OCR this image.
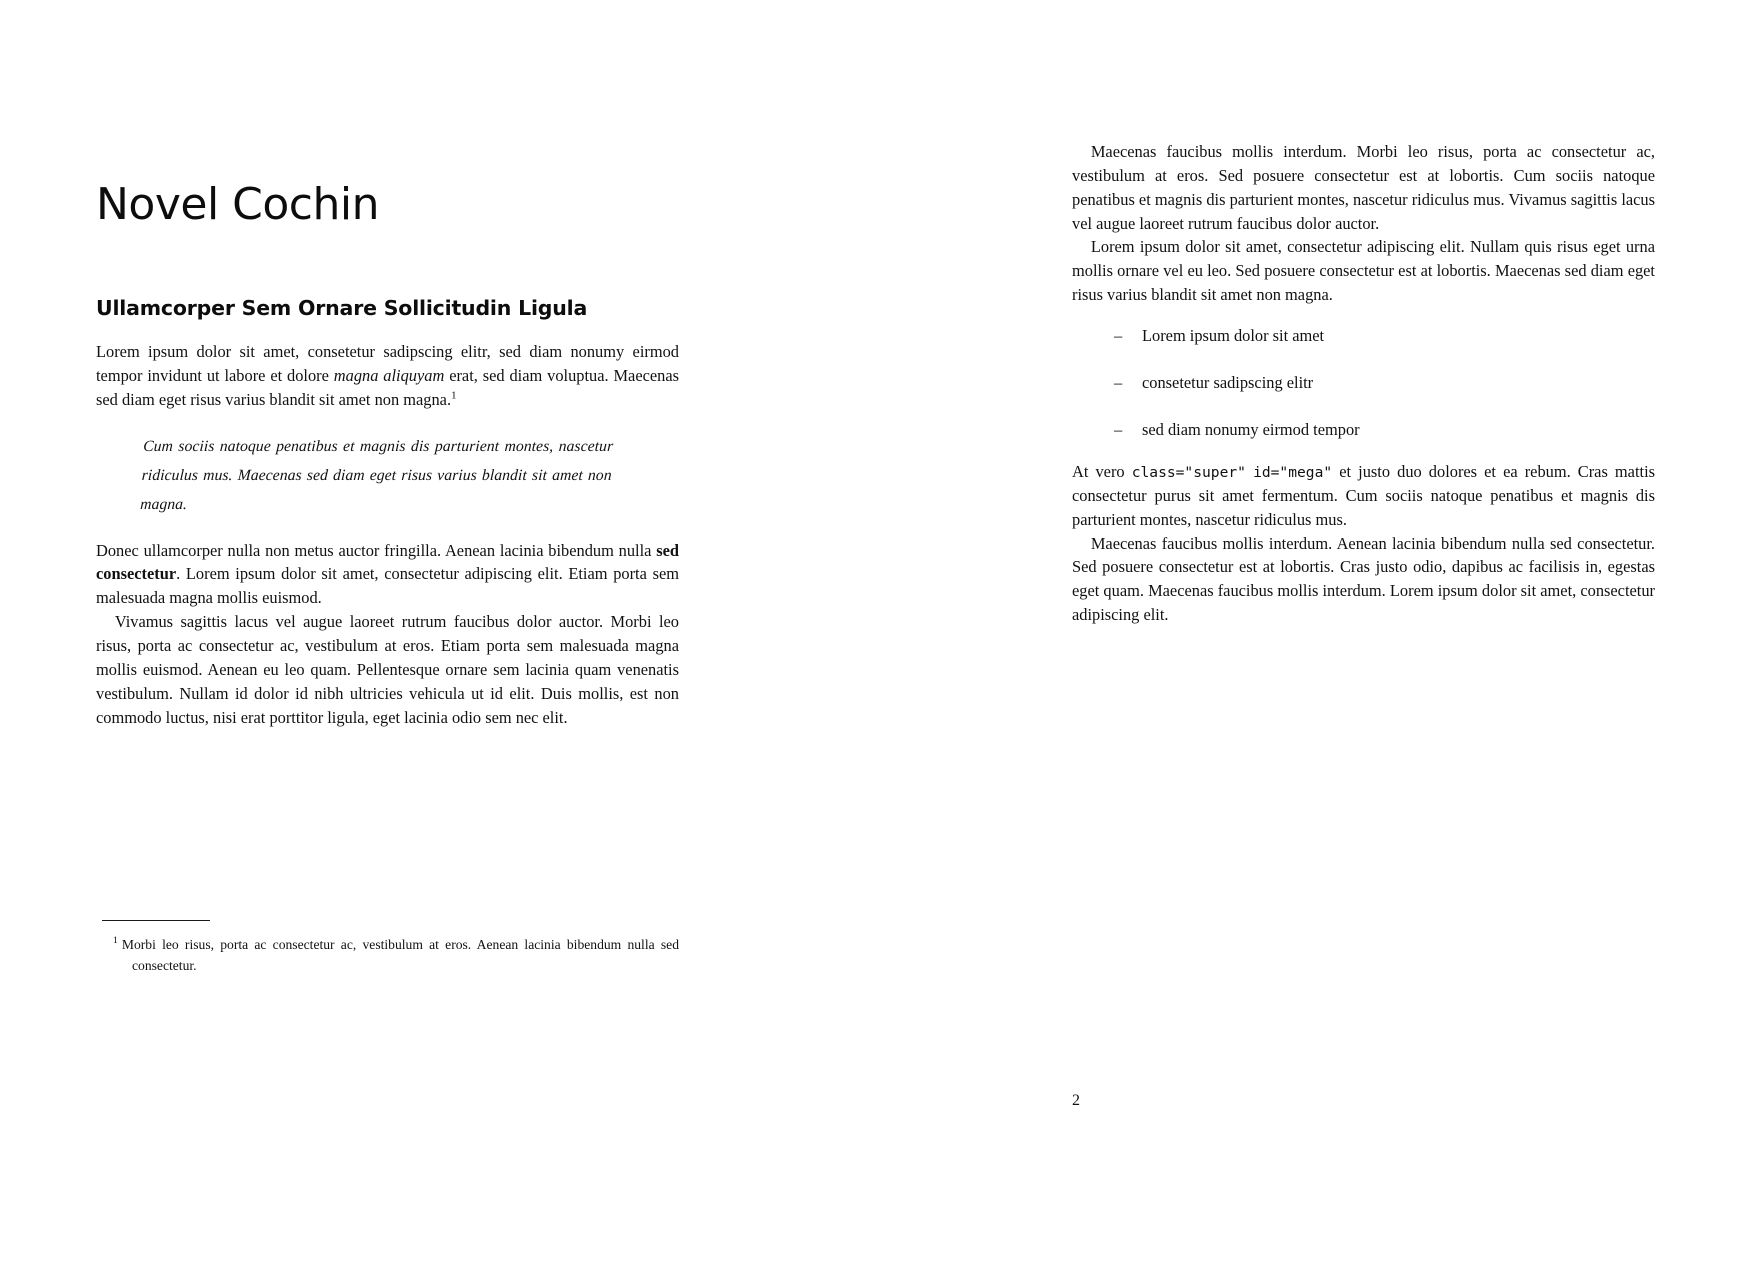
Novel Cochin
Ullamcorper Sem Ornare Sollicitudin Ligula

Lorem ipsum dolor sit amet, consetetur sadipscing elitr, sed diam nonumy eirmod tempor invidunt ut labore et dolore magna aliquyam erat, sed diam voluptua. Maecenas sed diam eget risus varius blandit sit amet non magna.$^1$

Cum sociis natoque penatibus et magnis dis parturient montes, nascetur ridiculus mus. Maecenas sed diam eget risus varius blandit sit amet non magna.

Donec ullamcorper nulla non metus auctor fringilla. Aenean lacinia bibendum nulla sed consectetur. Lorem ipsum dolor sit amet, consectetur adipiscing elit. Etiam porta sem malesuada magna mollis euismod.

Vivamus sagittis lacus vel augue laoreet rutrum faucibus dolor auctor. Morbi leo risus, porta ac consectetur ac, vestibulum at eros. Etiam porta sem malesuada magna mollis euismod. Aenean eu leo quam. Pellentesque ornare sem lacinia quam venenatis vestibulum. Nullam id dolor id nibh ultricies vehicula ut id elit. Duis mollis, est non commodo luctus, nisi erat porttitor ligula, eget lacinia odio sem nec elit.

$^1$ Morbi leo risus, porta ac consectetur ac, vestibulum at eros. Aenean lacinia bibendum nulla sed consectetur.

Maecenas faucibus mollis interdum. Morbi leo risus, porta ac consectetur ac, vestibulum at eros. Sed posuere consectetur est at lobortis. Cum sociis natoque penatibus et magnis dis parturient montes, nascetur ridiculus mus. Vivamus sagittis lacus vel augue laoreet rutrum faucibus dolor auctor.

Lorem ipsum dolor sit amet, consectetur adipiscing elit. Nullam quis risus eget urna mollis ornare vel eu leo. Sed posuere consectetur est at lobortis. Maecenas sed diam eget risus varius blandit sit amet non magna.

– Lorem ipsum dolor sit amet
– consetetur sadipscing elitr
– sed diam nonumy eirmod tempor

At vero class="super" id="mega" et justo duo dolores et ea rebum. Cras mattis consectetur purus sit amet fermentum. Cum sociis natoque penatibus et magnis dis parturient montes, nascetur ridiculus mus.

Maecenas faucibus mollis interdum. Aenean lacinia bibendum nulla sed consectetur. Sed posuere consectetur est at lobortis. Cras justo odio, dapibus ac facilisis in, egestas eget quam. Maecenas faucibus mollis interdum. Lorem ipsum dolor sit amet, consectetur adipiscing elit.

2
